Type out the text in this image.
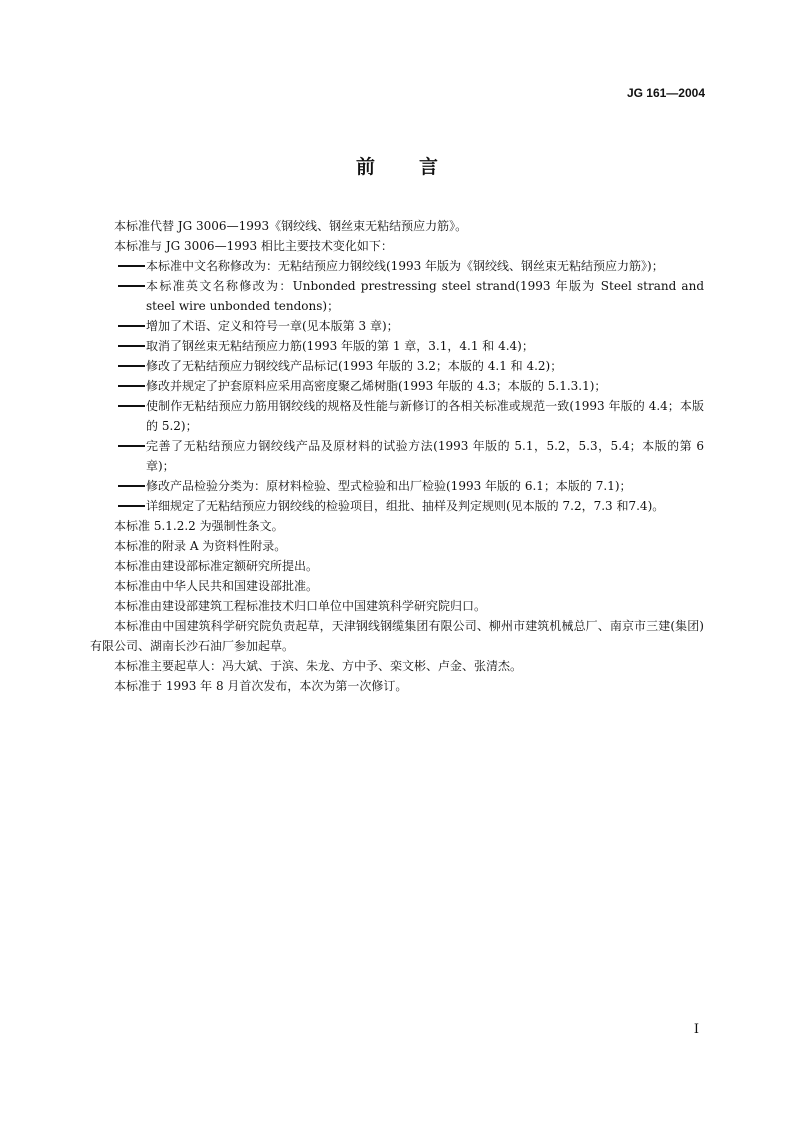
JG 161—2004
前言

本标准代替 JG 3006—1993《钢绞线、钢丝束无粘结预应力筋》。

本标准与 JG 3006—1993 相比主要技术变化如下：

本标准中文名称修改为：无粘结预应力钢绞线(1993 年版为《钢绞线、钢丝束无粘结预应力筋》)；
本标准英文名称修改为：Unbonded prestressing steel strand(1993 年版为 Steel strand and steel wire unbonded tendons)；
增加了术语、定义和符号一章(见本版第 3 章)；
取消了钢丝束无粘结预应力筋(1993 年版的第 1 章，3.1，4.1 和 4.4)；
修改了无粘结预应力钢绞线产品标记(1993 年版的 3.2；本版的 4.1 和 4.2)；
修改并规定了护套原料应采用高密度聚乙烯树脂(1993 年版的 4.3；本版的 5.1.3.1)；
使制作无粘结预应力筋用钢绞线的规格及性能与新修订的各相关标准或规范一致(1993 年版的 4.4；本版的 5.2)；
完善了无粘结预应力钢绞线产品及原材料的试验方法(1993 年版的 5.1，5.2，5.3，5.4；本版的第 6 章)；
修改产品检验分类为：原材料检验、型式检验和出厂检验(1993 年版的 6.1；本版的 7.1)；
详细规定了无粘结预应力钢绞线的检验项目，组批、抽样及判定规则(见本版的 7.2，7.3 和7.4)。

本标准 5.1.2.2 为强制性条文。

本标准的附录 A 为资料性附录。

本标准由建设部标准定额研究所提出。

本标准由中华人民共和国建设部批准。

本标准由建设部建筑工程标准技术归口单位中国建筑科学研究院归口。

本标准由中国建筑科学研究院负责起草，天津钢线钢缆集团有限公司、柳州市建筑机械总厂、南京市三建(集团)有限公司、湖南长沙石油厂参加起草。

本标准主要起草人：冯大斌、于滨、朱龙、方中予、栾文彬、卢金、张清杰。

本标准于 1993 年 8 月首次发布，本次为第一次修订。

I
